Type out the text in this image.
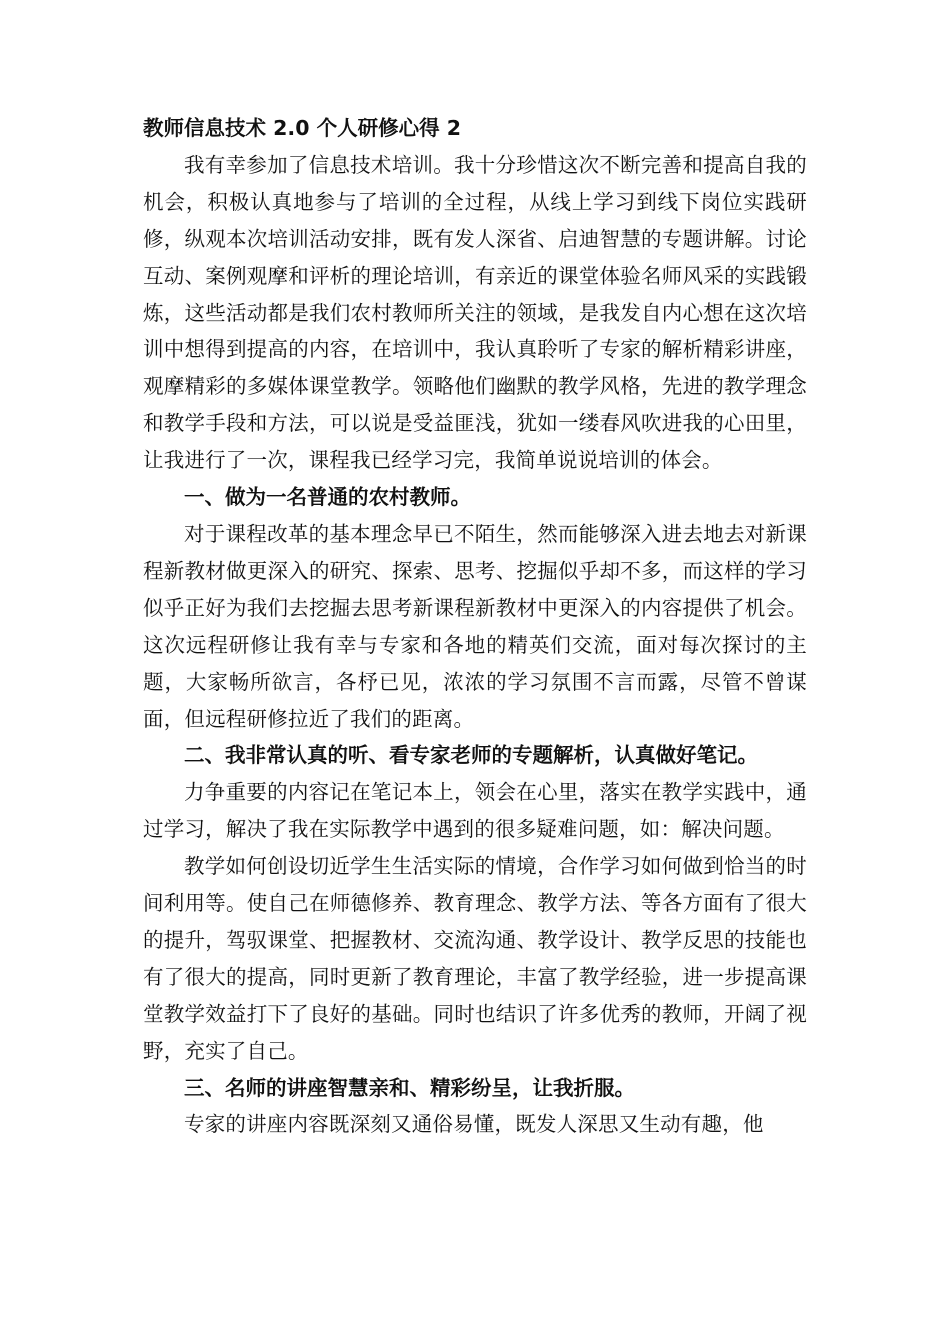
教师信息技术 2.0 个人研修心得 2

我有幸参加了信息技术培训。我十分珍惜这次不断完善和提高自我的机会，积极认真地参与了培训的全过程，从线上学习到线下岗位实践研修，纵观本次培训活动安排，既有发人深省、启迪智慧的专题讲解。讨论互动、案例观摩和评析的理论培训，有亲近的课堂体验名师风采的实践锻炼，这些活动都是我们农村教师所关注的领域，是我发自内心想在这次培训中想得到提高的内容，在培训中，我认真聆听了专家的解析精彩讲座，观摩精彩的多媒体课堂教学。领略他们幽默的教学风格，先进的教学理念和教学手段和方法，可以说是受益匪浅，犹如一缕春风吹进我的心田里，让我进行了一次，课程我已经学习完，我简单说说培训的体会。

一、做为一名普通的农村教师。

对于课程改革的基本理念早已不陌生，然而能够深入进去地去对新课程新教材做更深入的研究、探索、思考、挖掘似乎却不多，而这样的学习似乎正好为我们去挖掘去思考新课程新教材中更深入的内容提供了机会。这次远程研修让我有幸与专家和各地的精英们交流，面对每次探讨的主题，大家畅所欲言，各杼已见，浓浓的学习氛围不言而露，尽管不曾谋面，但远程研修拉近了我们的距离。

二、我非常认真的听、看专家老师的专题解析，认真做好笔记。

力争重要的内容记在笔记本上，领会在心里，落实在教学实践中，通过学习，解决了我在实际教学中遇到的很多疑难问题，如：解决问题。

教学如何创设切近学生生活实际的情境，合作学习如何做到恰当的时间利用等。使自己在师德修养、教育理念、教学方法、等各方面有了很大的提升，驾驭课堂、把握教材、交流沟通、教学设计、教学反思的技能也有了很大的提高，同时更新了教育理论，丰富了教学经验，进一步提高课堂教学效益打下了良好的基础。同时也结识了许多优秀的教师，开阔了视野，充实了自己。

三、名师的讲座智慧亲和、精彩纷呈，让我折服。

专家的讲座内容既深刻又通俗易懂，既发人深思又生动有趣，他
